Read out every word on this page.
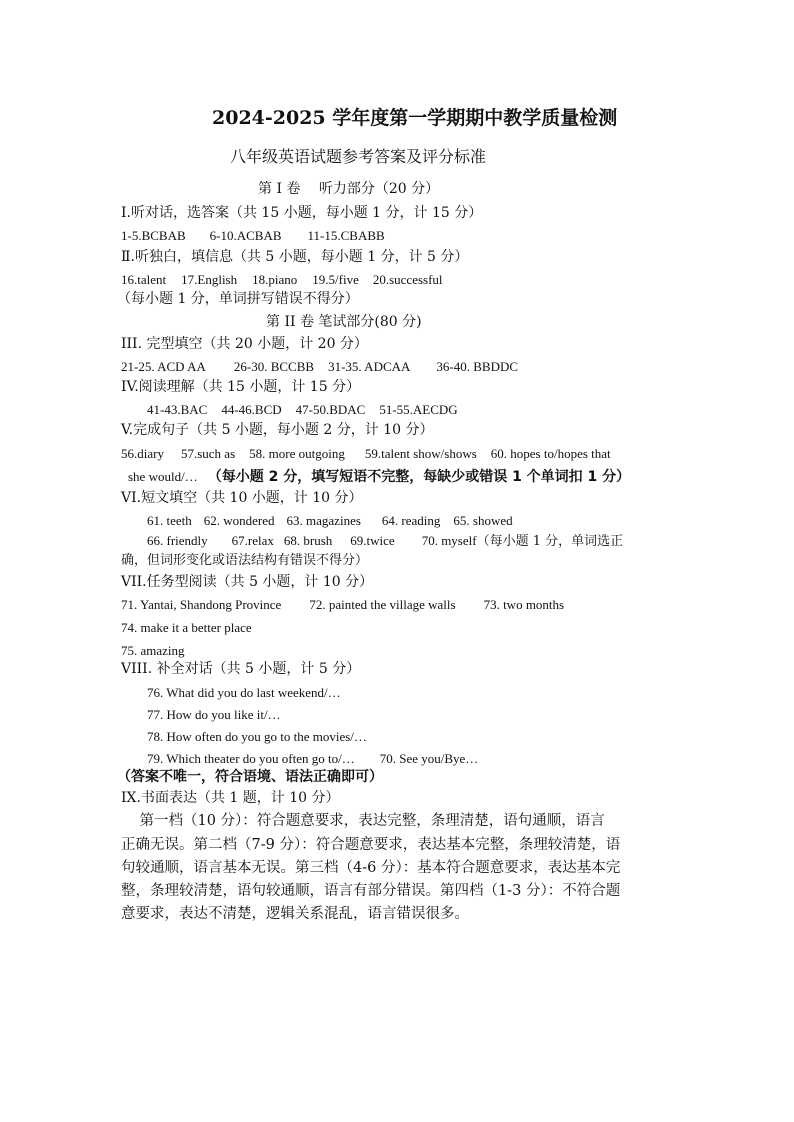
2024-2025 学年度第一学期期中教学质量检测
八年级英语试题参考答案及评分标准
第 I 卷　 听力部分（20 分）
I.听对话，选答案（共 15 小题，每小题 1 分，计 15 分）
1-5.BCBAB 6-10.ACBAB 11-15.CBABB
Ⅱ.听独白，填信息（共 5 小题，每小题 1 分，计 5 分）
16.talent 17.English 18.piano 19.5/five 20.successful
（每小题 1 分，单词拼写错误不得分）
第 II 卷 笔试部分(80 分)
III. 完型填空（共 20 小题，计 20 分）
21-25. ACD AA 26-30. BCCBB 31-35. ADCAA 36-40. BBDDC
IV.阅读理解（共 15 小题，计 15 分）
41-43.BAC 44-46.BCD 47-50.BDAC 51-55.AECDG
V.完成句子（共 5 小题，每小题 2 分，计 10 分）
56.diary 57.such as 58. more outgoing 59.talent show/shows 60. hopes to/hopes that
she would/… （每小题 2 分，填写短语不完整，每缺少或错误 1 个单词扣 1 分）
VI.短文填空（共 10 小题，计 10 分）
61. teeth 62. wondered 63. magazines 64. reading 65. showed
66. friendly 67.relax 68. brush 69.twice 70. myself（每小题 1 分，单词选正
确，但词形变化或语法结构有错误不得分）
VII.任务型阅读（共 5 小题，计 10 分）
71. Yantai, Shandong Province 72. painted the village walls 73. two months
74. make it a better place
75. amazing
VIII. 补全对话（共 5 小题，计 5 分）
76. What did you do last weekend/…
77. How do you like it/…
78. How often do you go to the movies/…
79. Which theater do you often go to/… 70. See you/Bye…
（答案不唯一，符合语境、语法正确即可）
IX.书面表达（共 1 题，计 10 分）
　第一档（10 分）：符合题意要求，表达完整，条理清楚，语句通顺，语言
正确无误。第二档（7-9 分）：符合题意要求，表达基本完整，条理较清楚，语
句较通顺，语言基本无误。第三档（4-6 分）：基本符合题意要求，表达基本完
整，条理较清楚，语句较通顺，语言有部分错误。第四档（1-3 分）：不符合题
意要求，表达不清楚，逻辑关系混乱，语言错误很多。
